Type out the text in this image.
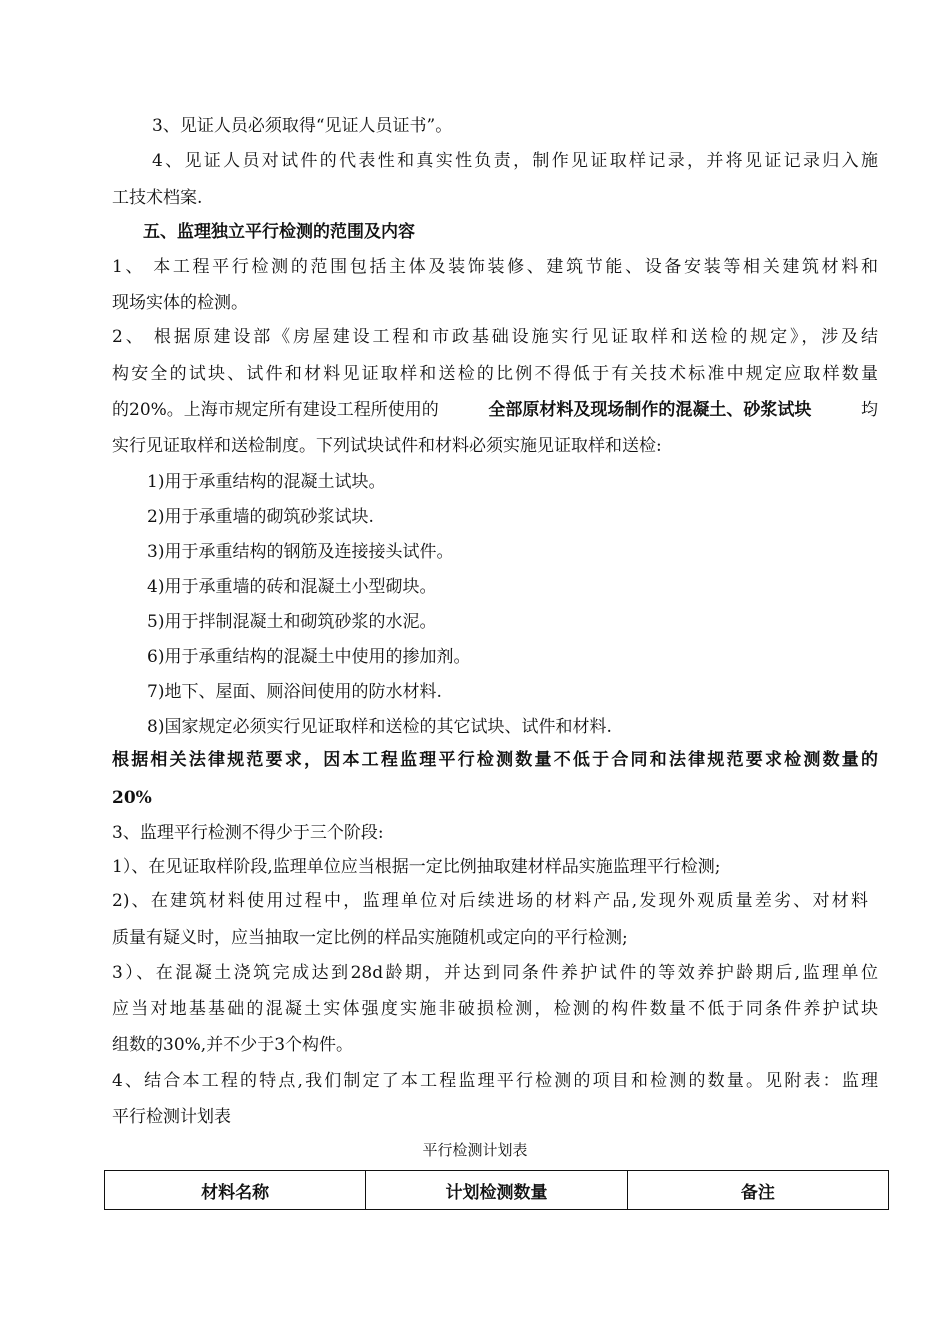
3、见证人员必须取得“见证人员证书”。
4、见证人员对试件的代表性和真实性负责，制作见证取样记录，并将见证记录归入施
工技术档案.
五、监理独立平行检测的范围及内容
1、 本工程平行检测的范围包括主体及装饰装修、建筑节能、设备安装等相关建筑材料和
现场实体的检测。
2、 根据原建设部《房屋建设工程和市政基础设施实行见证取样和送检的规定》，涉及结
构安全的试块、试件和材料见证取样和送检的比例不得低于有关技术标准中规定应取样数量
的20%。上海市规定所有建设工程所使用的	全部原材料及现场制作的混凝土、砂浆试块	均
实行见证取样和送检制度。下列试块试件和材料必须实施见证取样和送检:
1)用于承重结构的混凝土试块。
2)用于承重墙的砌筑砂浆试块.
3)用于承重结构的钢筋及连接接头试件。
4)用于承重墙的砖和混凝土小型砌块。
5)用于拌制混凝土和砌筑砂浆的水泥。
6)用于承重结构的混凝土中使用的掺加剂。
7)地下、屋面、厕浴间使用的防水材料.
8)国家规定必须实行见证取样和送检的其它试块、试件和材料.
根据相关法律规范要求，因本工程监理平行检测数量不低于合同和法律规范要求检测数量的
20%
3、监理平行检测不得少于三个阶段:
1）、在见证取样阶段,监理单位应当根据一定比例抽取建材样品实施监理平行检测;
2)、在建筑材料使用过程中，监理单位对后续进场的材料产品,发现外观质量差劣、对材料
质量有疑义时，应当抽取一定比例的样品实施随机或定向的平行检测;
3）、在混凝土浇筑完成达到28d龄期，并达到同条件养护试件的等效养护龄期后,监理单位
应当对地基基础的混凝土实体强度实施非破损检测，检测的构件数量不低于同条件养护试块
组数的30%,并不少于3个构件。
4、结合本工程的特点,我们制定了本工程监理平行检测的项目和检测的数量。见附表：监理
平行检测计划表
平行检测计划表
材料名称	计划检测数量	备注
